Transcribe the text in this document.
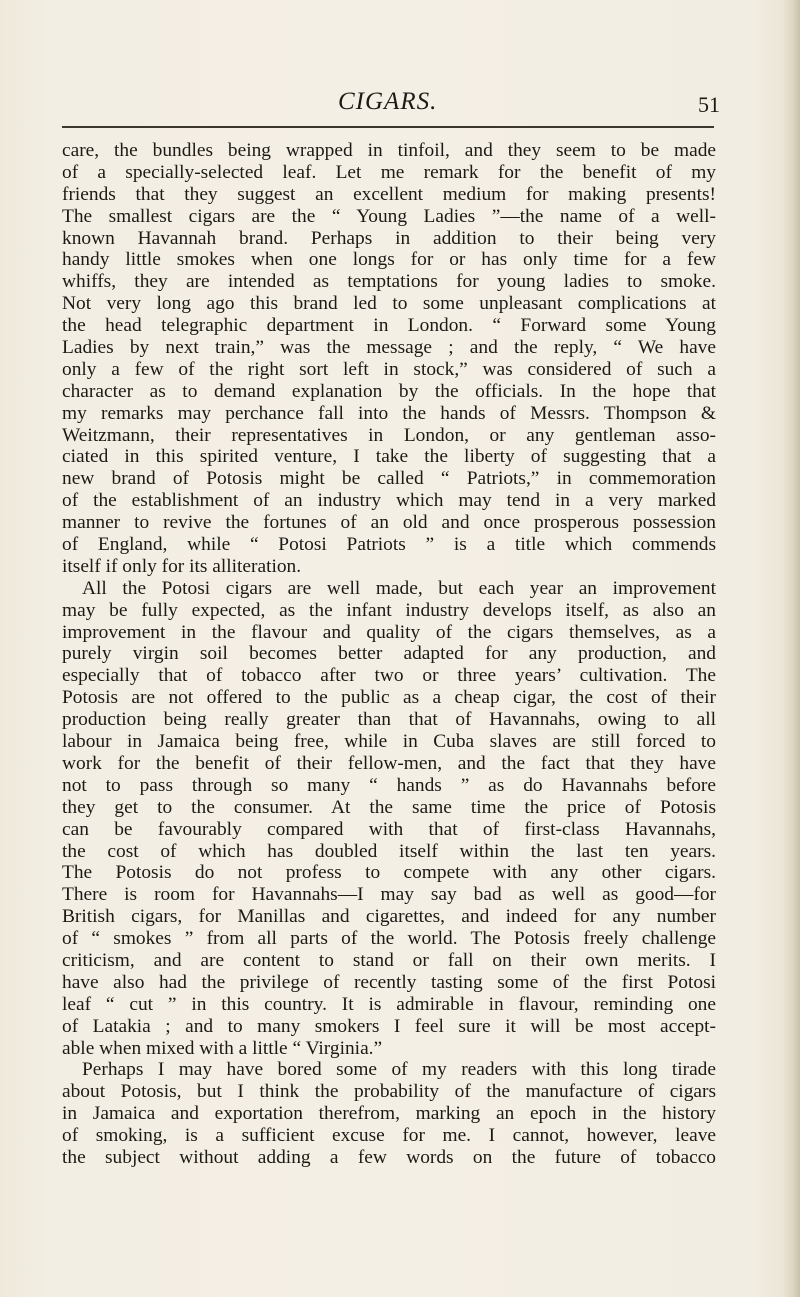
CIGARS.	51
care, the bundles being wrapped in tinfoil, and they seem to be made
of a specially-selected leaf. Let me remark for the benefit of my
friends that they suggest an excellent medium for making presents!
The smallest cigars are the “ Young Ladies ”—the name of a well-
known Havannah brand. Perhaps in addition to their being very
handy little smokes when one longs for or has only time for a few
whiffs, they are intended as temptations for young ladies to smoke.
Not very long ago this brand led to some unpleasant complications at
the head telegraphic department in London. “ Forward some Young
Ladies by next train,” was the message ; and the reply, “ We have
only a few of the right sort left in stock,” was considered of such a
character as to demand explanation by the officials. In the hope that
my remarks may perchance fall into the hands of Messrs. Thompson &
Weitzmann, their representatives in London, or any gentleman asso-
ciated in this spirited venture, I take the liberty of suggesting that a
new brand of Potosis might be called “ Patriots,” in commemoration
of the establishment of an industry which may tend in a very marked
manner to revive the fortunes of an old and once prosperous possession
of England, while “ Potosi Patriots ” is a title which commends
itself if only for its alliteration.
All the Potosi cigars are well made, but each year an improvement
may be fully expected, as the infant industry develops itself, as also an
improvement in the flavour and quality of the cigars themselves, as a
purely virgin soil becomes better adapted for any production, and
especially that of tobacco after two or three years’ cultivation. The
Potosis are not offered to the public as a cheap cigar, the cost of their
production being really greater than that of Havannahs, owing to all
labour in Jamaica being free, while in Cuba slaves are still forced to
work for the benefit of their fellow-men, and the fact that they have
not to pass through so many “ hands ” as do Havannahs before
they get to the consumer. At the same time the price of Potosis
can be favourably compared with that of first-class Havannahs,
the cost of which has doubled itself within the last ten years.
The Potosis do not profess to compete with any other cigars.
There is room for Havannahs—I may say bad as well as good—for
British cigars, for Manillas and cigarettes, and indeed for any number
of “ smokes ” from all parts of the world. The Potosis freely challenge
criticism, and are content to stand or fall on their own merits. I
have also had the privilege of recently tasting some of the first Potosi
leaf “ cut ” in this country. It is admirable in flavour, reminding one
of Latakia ; and to many smokers I feel sure it will be most accept-
able when mixed with a little “ Virginia.”
Perhaps I may have bored some of my readers with this long tirade
about Potosis, but I think the probability of the manufacture of cigars
in Jamaica and exportation therefrom, marking an epoch in the history
of smoking, is a sufficient excuse for me. I cannot, however, leave
the subject without adding a few words on the future of tobacco
